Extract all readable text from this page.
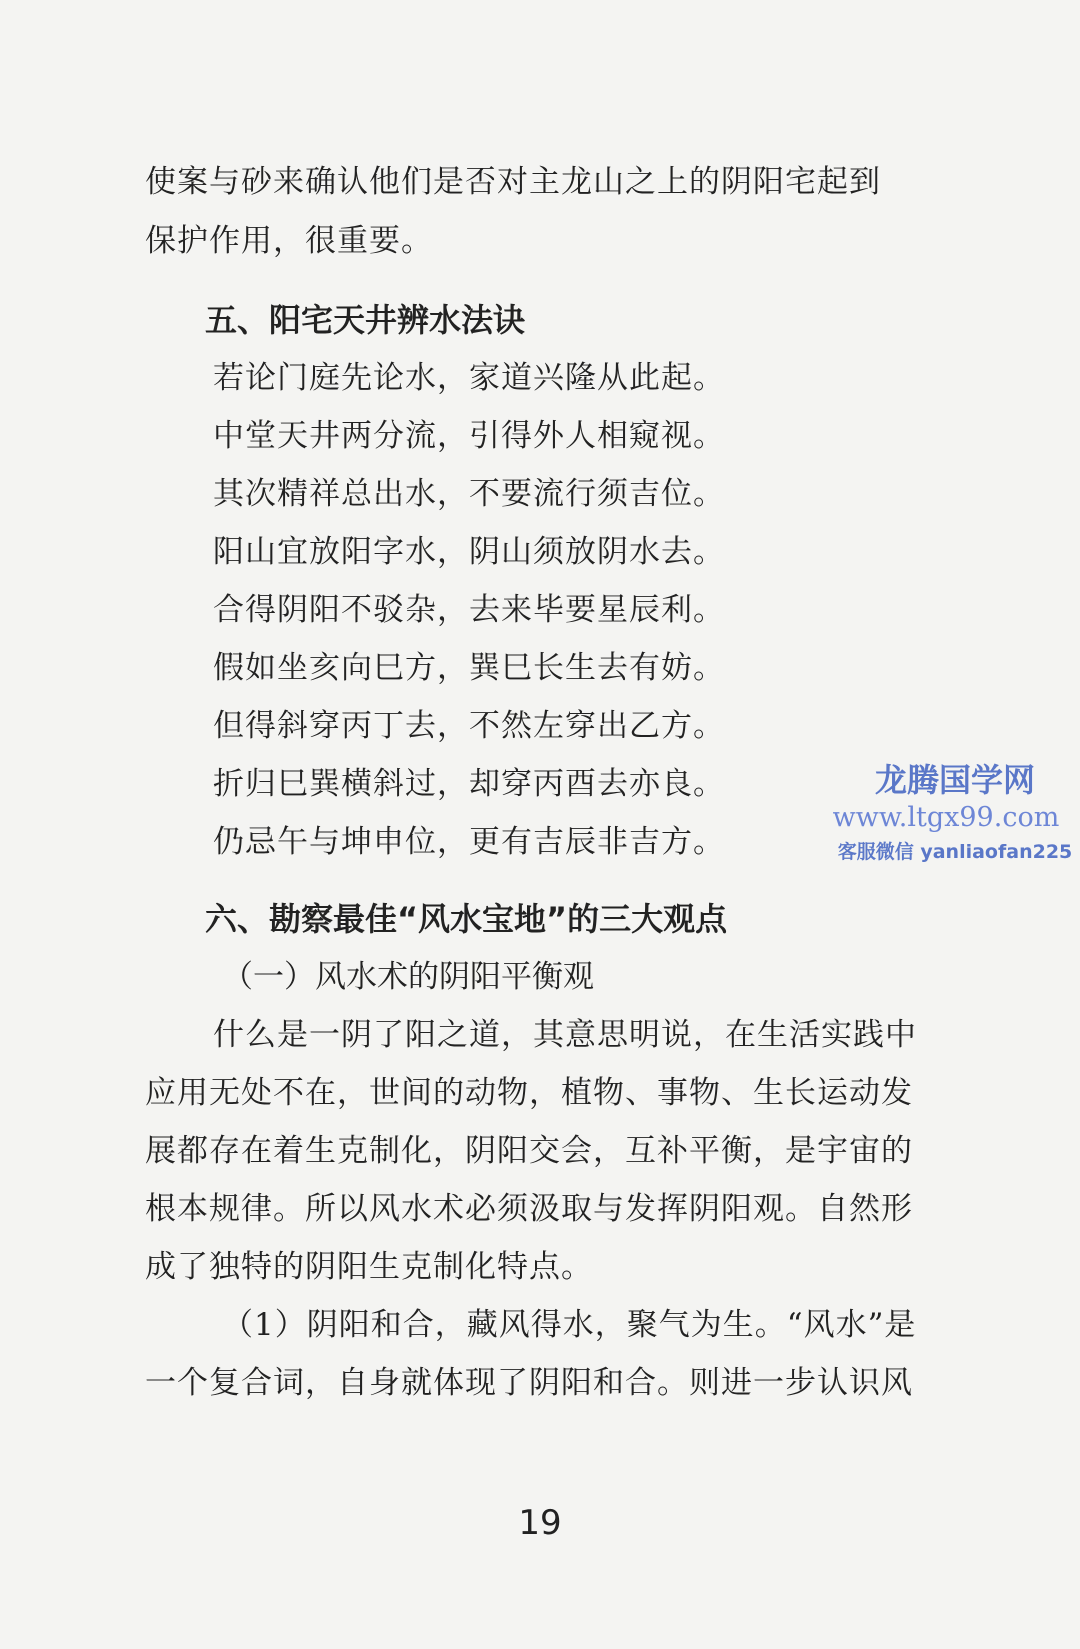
使案与砂来确认他们是否对主龙山之上的阴阳宅起到
保护作用，很重要。
五、阳宅天井辨水法诀
若论门庭先论水，家道兴隆从此起。
中堂天井两分流，引得外人相窥视。
其次精祥总出水，不要流行须吉位。
阳山宜放阳字水，阴山须放阴水去。
合得阴阳不驳杂，去来毕要星辰利。
假如坐亥向巳方，巽巳长生去有妨。
但得斜穿丙丁去，不然左穿出乙方。
折归巳巽横斜过，却穿丙酉去亦良。
仍忌午与坤申位，更有吉辰非吉方。
六、勘察最佳“风水宝地”的三大观点
（一）风水术的阴阳平衡观
什么是一阴了阳之道，其意思明说，在生活实践中
应用无处不在，世间的动物，植物、事物、生长运动发
展都存在着生克制化，阴阳交会，互补平衡，是宇宙的
根本规律。所以风水术必须汲取与发挥阴阳观。自然形
成了独特的阴阳生克制化特点。
（1）阴阳和合，藏风得水，聚气为生。“风水”是
一个复合词，自身就体现了阴阳和合。则进一步认识风
19
龙腾国学网
www.ltgx99.com
客服微信 yanliaofan225
